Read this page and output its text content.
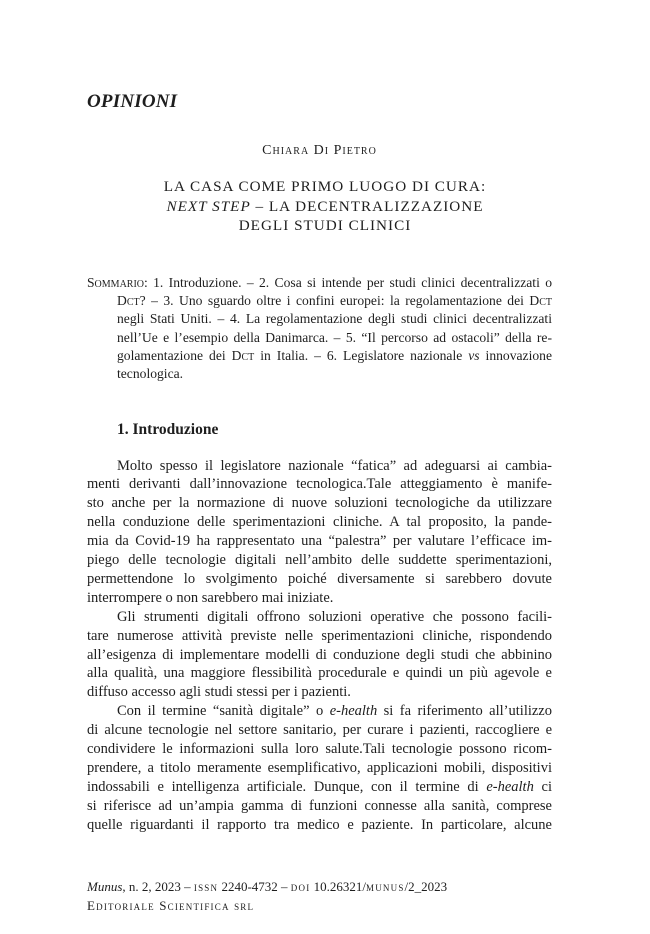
OPINIONI
Chiara Di Pietro
LA CASA COME PRIMO LUOGO DI CURA:
NEXT STEP – LA DECENTRALIZZAZIONE
DEGLI STUDI CLINICI
Sommario: 1. Introduzione. – 2. Cosa si intende per studi clinici decentralizzati o
Dct? – 3. Uno sguardo oltre i confini europei: la regolamentazione dei Dct
negli Stati Uniti. – 4. La regolamentazione degli studi clinici decentralizzati
nell’Ue e l’esempio della Danimarca. – 5. “Il percorso ad ostacoli” della re-
golamentazione dei Dct in Italia. – 6. Legislatore nazionale vs innovazione
tecnologica.
1. Introduzione
Molto spesso il legislatore nazionale “fatica” ad adeguarsi ai cambia-
menti derivanti dall’innovazione tecnologica.Tale atteggiamento è manife-
sto anche per la normazione di nuove soluzioni tecnologiche da utilizzare
nella conduzione delle sperimentazioni cliniche. A tal proposito, la pande-
mia da Covid-19 ha rappresentato una “palestra” per valutare l’efficace im-
piego delle tecnologie digitali nell’ambito delle suddette sperimentazioni,
permettendone lo svolgimento poiché diversamente si sarebbero dovute
interrompere o non sarebbero mai iniziate.
Gli strumenti digitali offrono soluzioni operative che possono facili-
tare numerose attività previste nelle sperimentazioni cliniche, rispondendo
all’esigenza di implementare modelli di conduzione degli studi che abbinino
alla qualità, una maggiore flessibilità procedurale e quindi un più agevole e
diffuso accesso agli studi stessi per i pazienti.
Con il termine “sanità digitale” o e-health si fa riferimento all’utilizzo
di alcune tecnologie nel settore sanitario, per curare i pazienti, raccogliere e
condividere le informazioni sulla loro salute.Tali tecnologie possono ricom-
prendere, a titolo meramente esemplificativo, applicazioni mobili, dispositivi
indossabili e intelligenza artificiale. Dunque, con il termine di e-health ci
si riferisce ad un’ampia gamma di funzioni connesse alla sanità, comprese
quelle riguardanti il rapporto tra medico e paziente. In particolare, alcune
Munus, n. 2, 2023 – issn 2240-4732 – doi 10.26321/munus/2_2023
Editoriale Scientifica srl
